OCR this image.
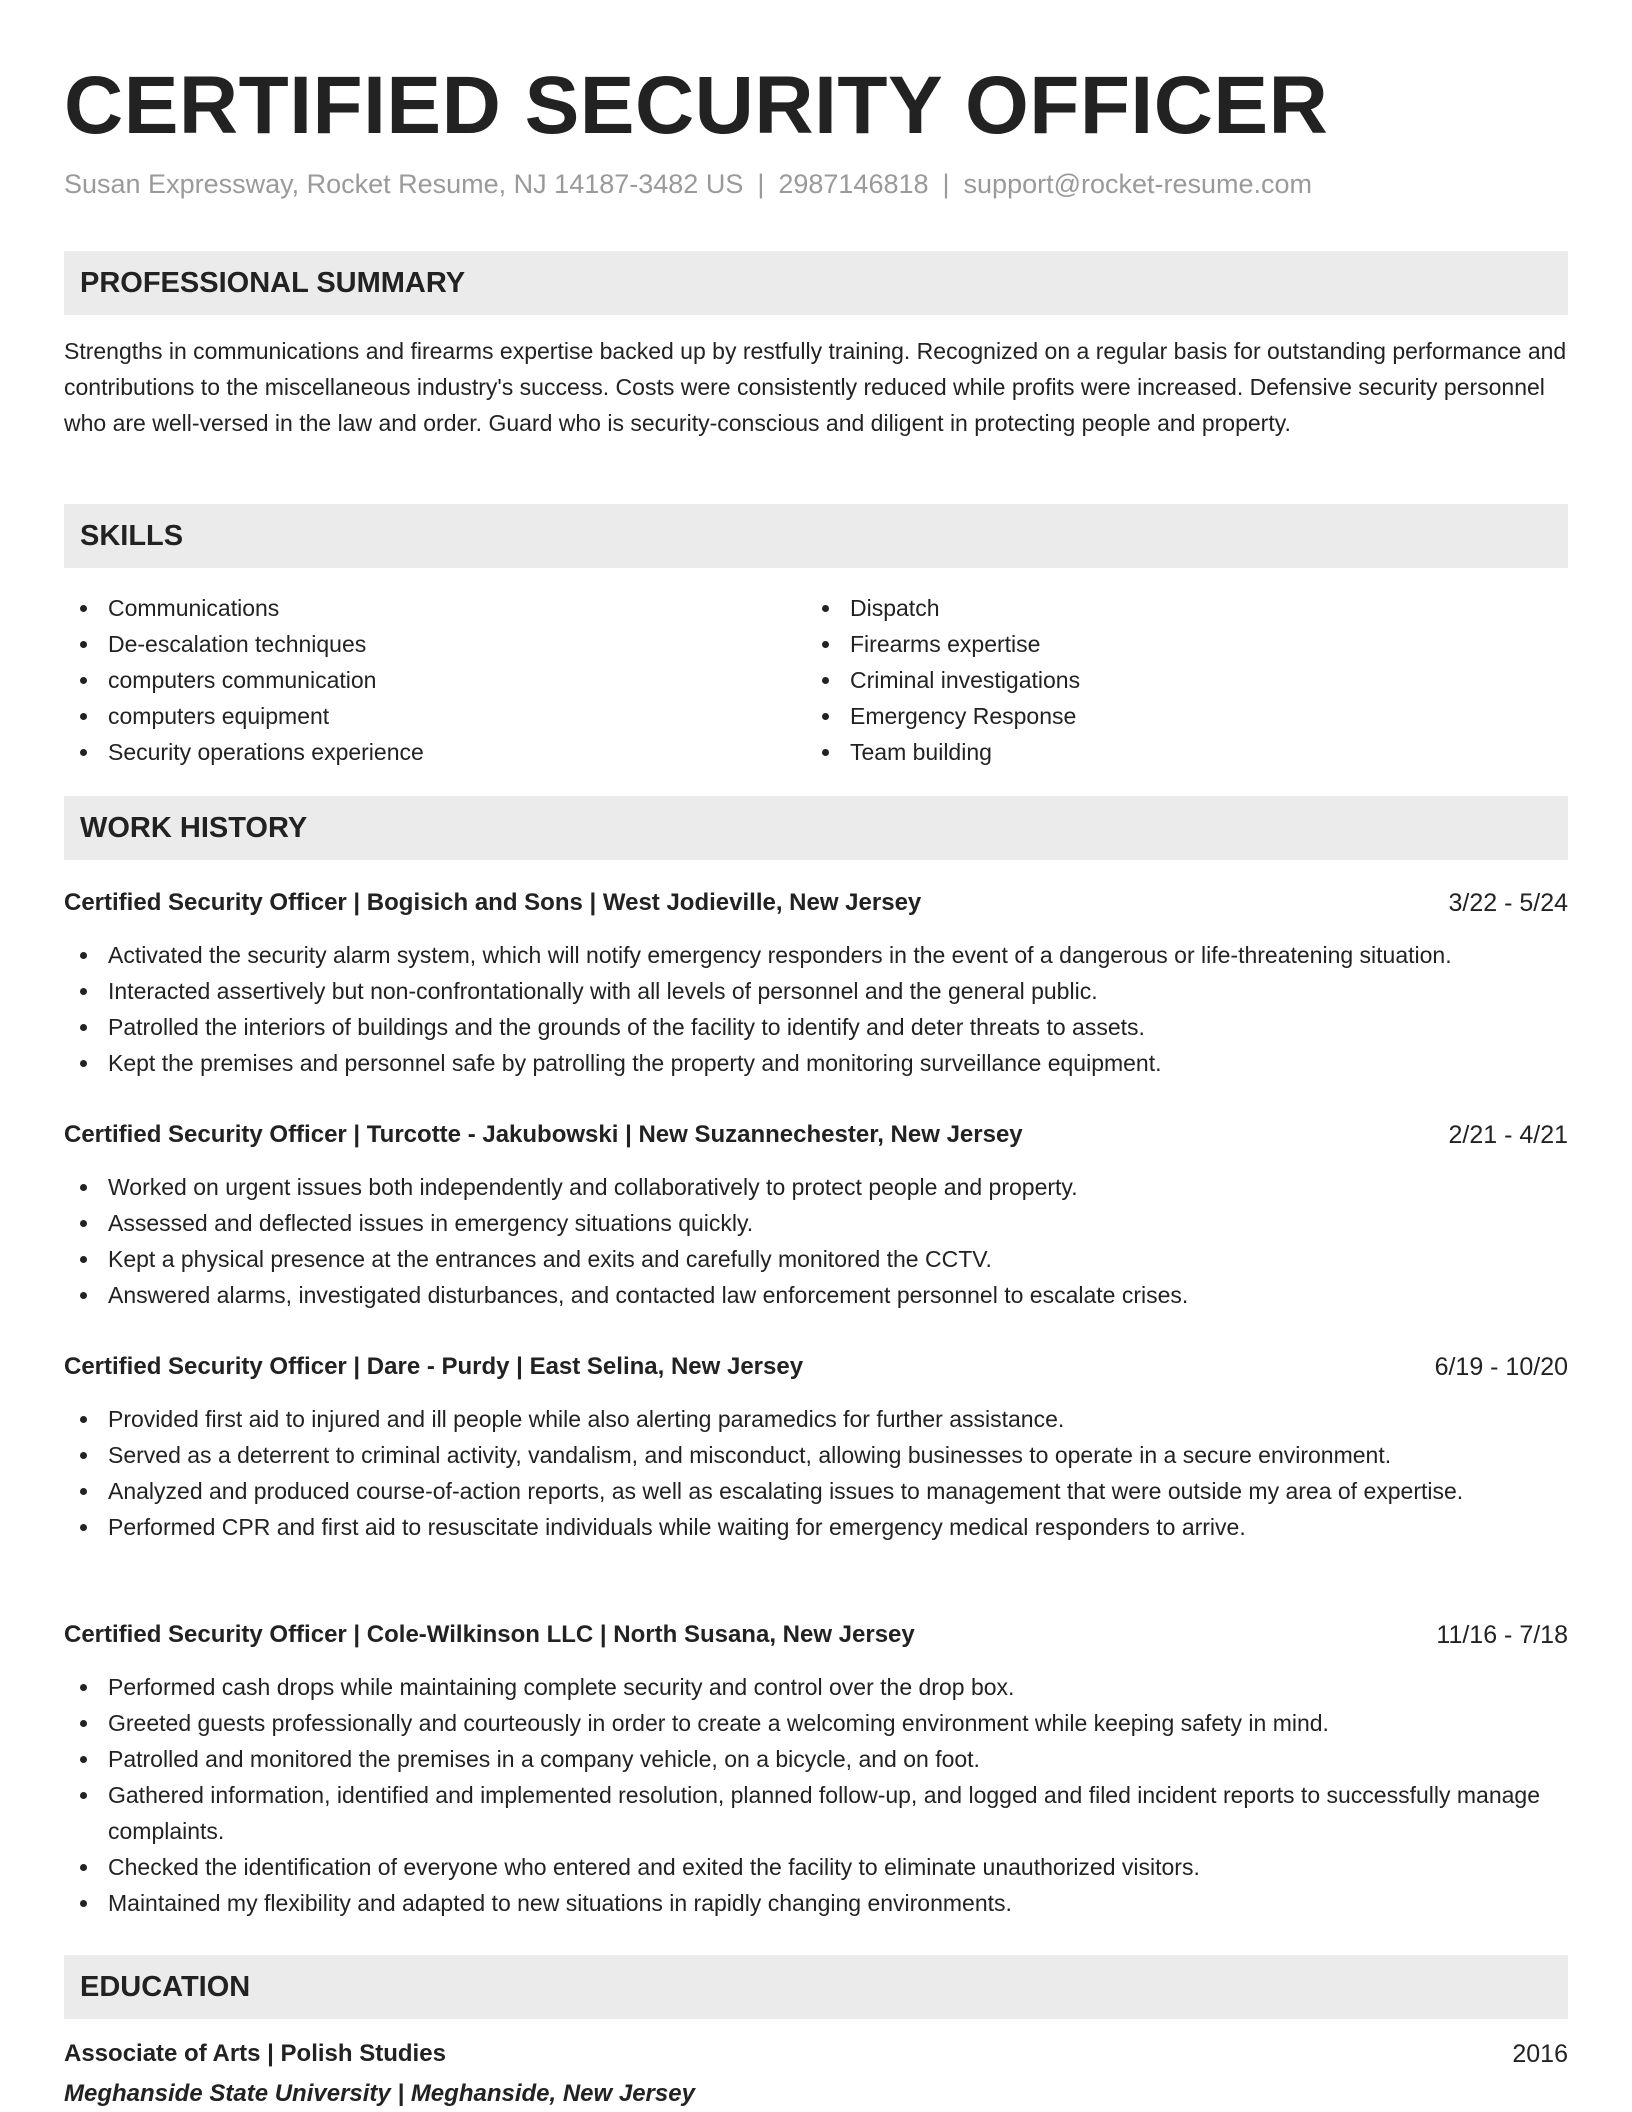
CERTIFIED SECURITY OFFICER
Susan Expressway, Rocket Resume, NJ 14187-3482 US | 2987146818 | support@rocket-resume.com
PROFESSIONAL SUMMARY

Strengths in communications and firearms expertise backed up by restfully training. Recognized on a regular basis for outstanding performance and contributions to the miscellaneous industry's success. Costs were consistently reduced while profits were increased. Defensive security personnel who are well-versed in the law and order. Guard who is security-conscious and diligent in protecting people and property.

SKILLS
Communications
De-escalation techniques
computers communication
computers equipment
Security operations experience
Dispatch
Firearms expertise
Criminal investigations
Emergency Response
Team building
WORK HISTORY
Certified Security Officer | Bogisich and Sons | West Jodieville, New Jersey	3/22 - 5/24
Activated the security alarm system, which will notify emergency responders in the event of a dangerous or life-threatening situation.
Interacted assertively but non-confrontationally with all levels of personnel and the general public.
Patrolled the interiors of buildings and the grounds of the facility to identify and deter threats to assets.
Kept the premises and personnel safe by patrolling the property and monitoring surveillance equipment.
Certified Security Officer | Turcotte - Jakubowski | New Suzannechester, New Jersey	2/21 - 4/21
Worked on urgent issues both independently and collaboratively to protect people and property.
Assessed and deflected issues in emergency situations quickly.
Kept a physical presence at the entrances and exits and carefully monitored the CCTV.
Answered alarms, investigated disturbances, and contacted law enforcement personnel to escalate crises.
Certified Security Officer | Dare - Purdy | East Selina, New Jersey	6/19 - 10/20
Provided first aid to injured and ill people while also alerting paramedics for further assistance.
Served as a deterrent to criminal activity, vandalism, and misconduct, allowing businesses to operate in a secure environment.
Analyzed and produced course-of-action reports, as well as escalating issues to management that were outside my area of expertise.
Performed CPR and first aid to resuscitate individuals while waiting for emergency medical responders to arrive.
Certified Security Officer | Cole-Wilkinson LLC | North Susana, New Jersey	11/16 - 7/18
Performed cash drops while maintaining complete security and control over the drop box.
Greeted guests professionally and courteously in order to create a welcoming environment while keeping safety in mind.
Patrolled and monitored the premises in a company vehicle, on a bicycle, and on foot.
Gathered information, identified and implemented resolution, planned follow-up, and logged and filed incident reports to successfully manage complaints.
Checked the identification of everyone who entered and exited the facility to eliminate unauthorized visitors.
Maintained my flexibility and adapted to new situations in rapidly changing environments.
EDUCATION
Associate of Arts | Polish Studies	2016
Meghanside State University | Meghanside, New Jersey
